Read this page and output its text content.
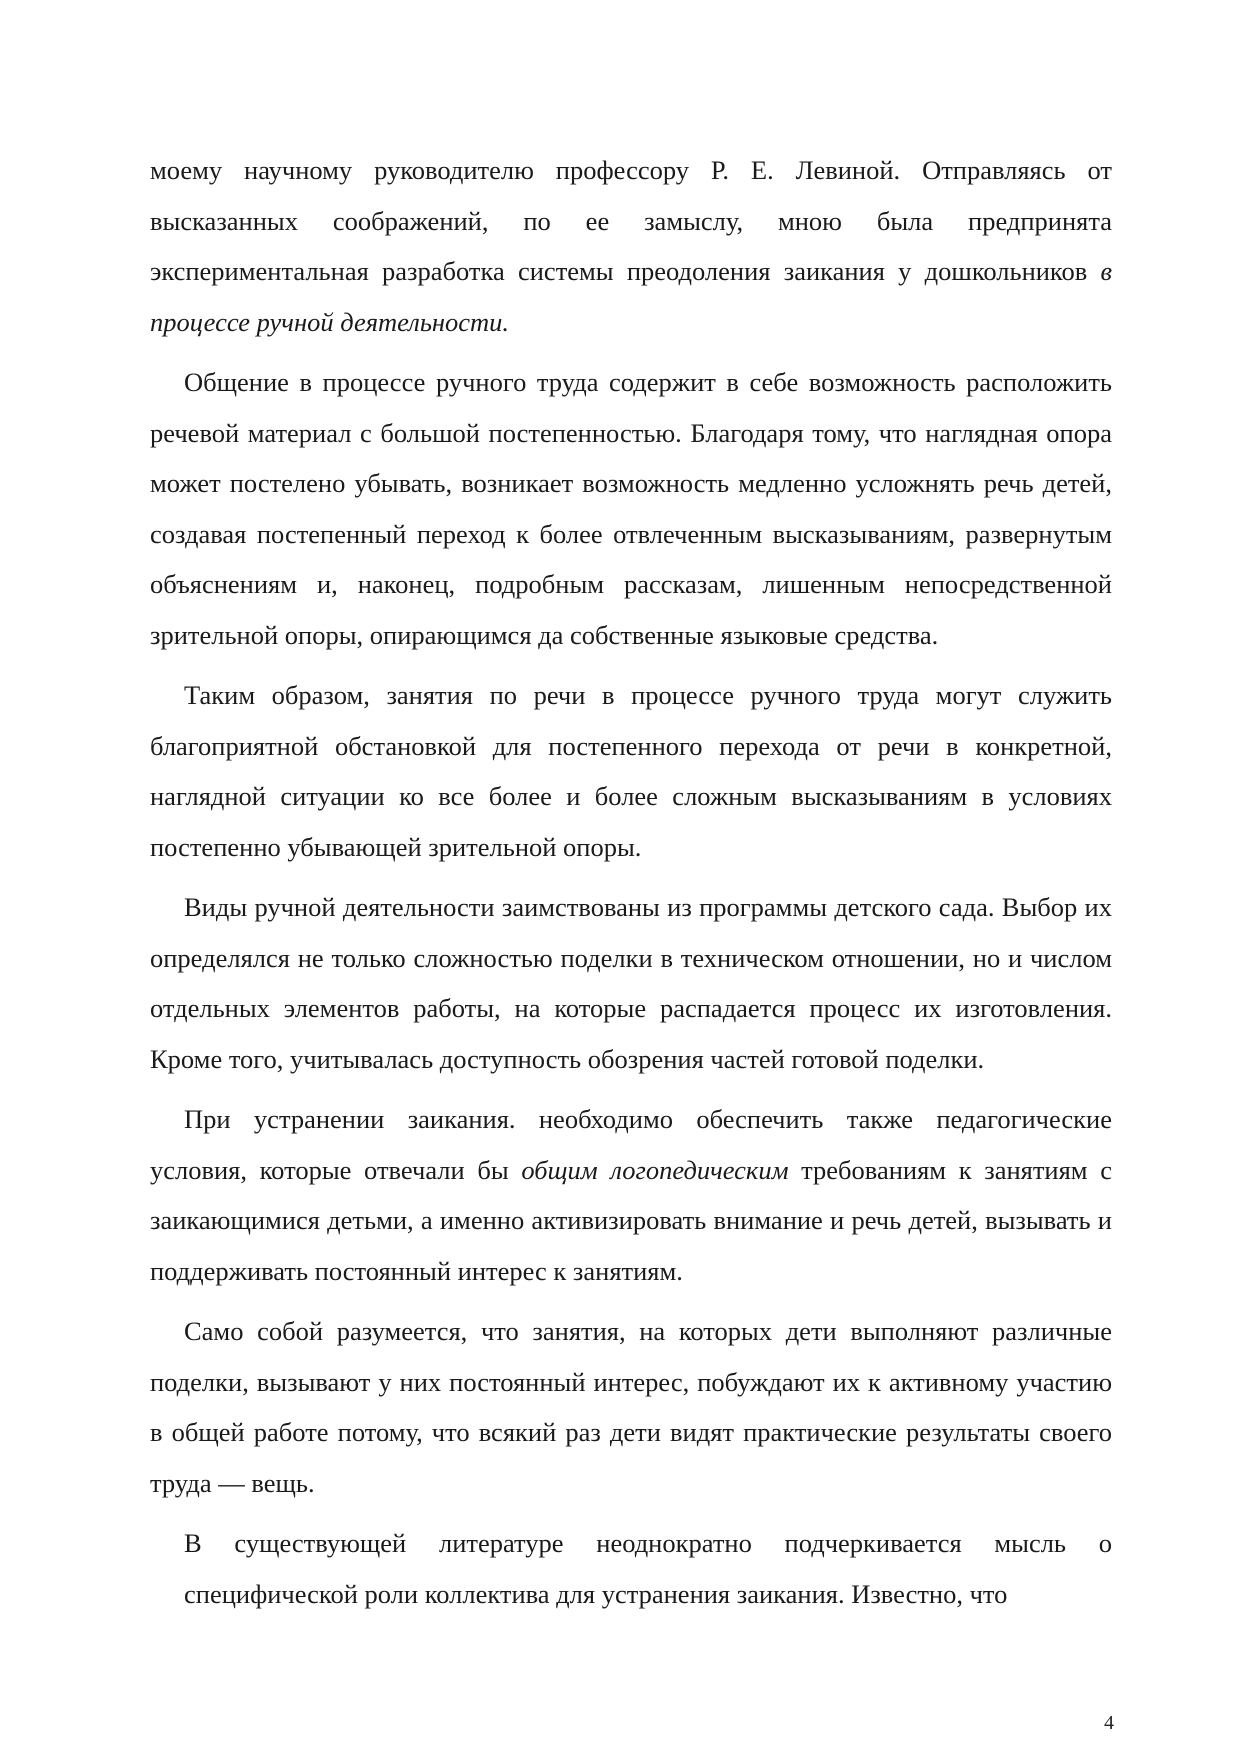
моему научному руководителю профессору Р. Е. Левиной. Отправляясь от высказанных соображений, по ее замыслу, мною была предпринята экспериментальная разработка системы преодоления заикания у дошкольников в процессе ручной деятельности.

Общение в процессе ручного труда содержит в себе возможность расположить речевой материал с большой постепенностью. Благодаря тому, что наглядная опора может постелено убывать, возникает возможность медленно усложнять речь детей, создавая постепенный переход к более отвлеченным высказываниям, развернутым объяснениям и, наконец, подробным рассказам, лишенным непосредственной зрительной опоры, опирающимся да собственные языковые средства.

Таким образом, занятия по речи в процессе ручного труда могут служить благоприятной обстановкой для постепенного перехода от речи в конкретной, наглядной ситуации ко все более и более сложным высказываниям в условиях постепенно убывающей зрительной опоры.

Виды ручной деятельности заимствованы из программы детского сада. Выбор их определялся не только сложностью поделки в техническом отношении, но и числом отдельных элементов работы, на которые распадается процесс их изготовления. Кроме того, учитывалась доступность обозрения частей готовой поделки.

При устранении заикания. необходимо обеспечить также педагогические условия, которые отвечали бы общим логопедическим требованиям к занятиям с заикающимися детьми, а именно активизировать внимание и речь детей, вызывать и поддерживать постоянный интерес к занятиям.

Само собой разумеется, что занятия, на которых дети выполняют различные поделки, вызывают у них постоянный интерес, побуждают их к активному участию в общей работе потому, что всякий раз дети видят практические результаты своего труда — вещь.

В существующей литературе неоднократно подчеркивается мысль о специфической роли коллектива для устранения заикания. Известно, что

4
